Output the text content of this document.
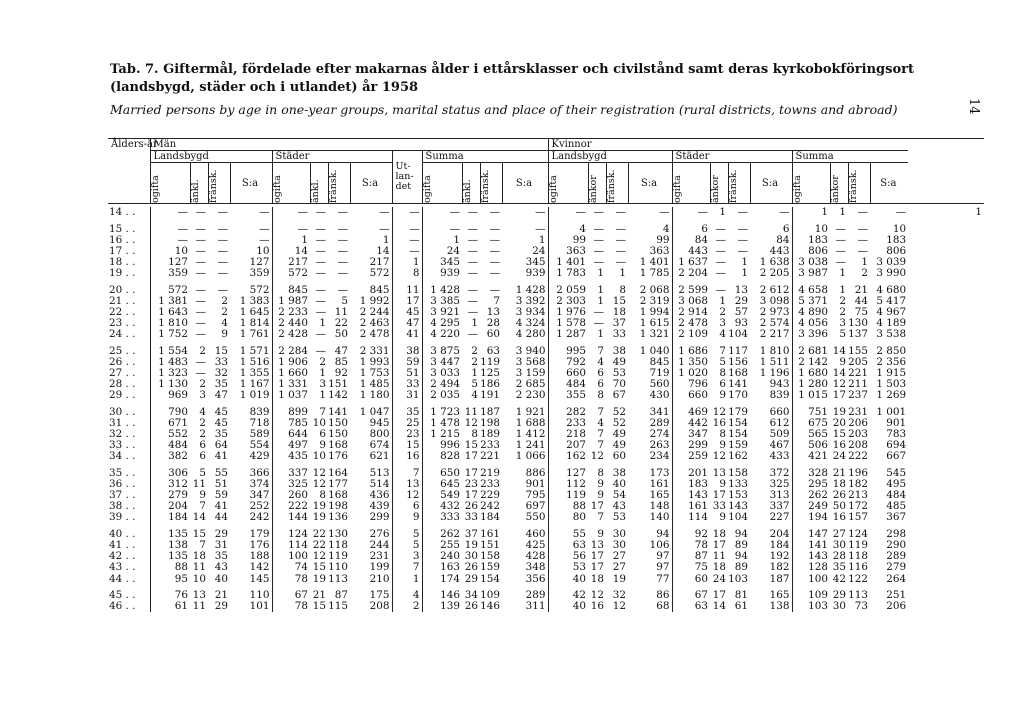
Tab. 7. Giftermål, fördelade efter makarnas ålder i ettårsklasser och civilstånd samt deras kyrkobokföringsort
(landsbygd, städer och i utlandet) år 1958
Married persons by age in one-year groups, marital status and place of their registration (rural districts, towns and abroad)	14
Ålders-år	Män													Kvinnor												
	Landsbygd				Städer				Ut-lan-det	Summa				Landsbygd				Städer				Summa				

	ogifta	änkl.	fränsk.	S:a	ogifta	änkl.	fränsk.	S:a		ogifta	änkl.	fränsk.	S:a	ogifta	änkor	fränsk.	S:a	ogifta	änkor	fränsk.	S:a	ogifta	änkor	fränsk.	S:a	

14 . .	—	—	—	—	—	—	—	—	—	—	—	—	—	—	—	—	—	—	1	—	—	1	1	—	—	1

15 . .	—	—	—	—	—	—	—	—	—	—	—	—	—	4	—	—	4	6	—	—	6	10	—	—	10	
16 . .	—	—	—	—	1	—	—	1	—	1	—	—	1	99	—	—	99	84	—	—	84	183	—	—	183	
17 . .	10	—	—	10	14	—	—	14	—	24	—	—	24	363	—	—	363	443	—	—	443	806	—	—	806	
18 . .	127	—	—	127	217	—	—	217	1	345	—	—	345	1 401	—	—	1 401	1 637	—	1	1 638	3 038	—	1	3 039	
19 . .	359	—	—	359	572	—	—	572	8	939	—	—	939	1 783	1	1	1 785	2 204	—	1	2 205	3 987	1	2	3 990	

20 . .	572	—	—	572	845	—	—	845	11	1 428	—	—	1 428	2 059	1	8	2 068	2 599	—	13	2 612	4 658	1	21	4 680	
21 . .	1 381	—	2	1 383	1 987	—	5	1 992	17	3 385	—	7	3 392	2 303	1	15	2 319	3 068	1	29	3 098	5 371	2	44	5 417	
22 . .	1 643	—	2	1 645	2 233	—	11	2 244	45	3 921	—	13	3 934	1 976	—	18	1 994	2 914	2	57	2 973	4 890	2	75	4 967	
23 . .	1 810	—	4	1 814	2 440	1	22	2 463	47	4 295	1	28	4 324	1 578	—	37	1 615	2 478	3	93	2 574	4 056	3	130	4 189	
24 . .	1 752	—	9	1 761	2 428	—	50	2 478	41	4 220	—	60	4 280	1 287	1	33	1 321	2 109	4	104	2 217	3 396	5	137	3 538	

25 . .	1 554	2	15	1 571	2 284	—	47	2 331	38	3 875	2	63	3 940	995	7	38	1 040	1 686	7	117	1 810	2 681	14	155	2 850	
26 . .	1 483	—	33	1 516	1 906	2	85	1 993	59	3 447	2	119	3 568	792	4	49	845	1 350	5	156	1 511	2 142	9	205	2 356	
27 . .	1 323	—	32	1 355	1 660	1	92	1 753	51	3 033	1	125	3 159	660	6	53	719	1 020	8	168	1 196	1 680	14	221	1 915	
28 . .	1 130	2	35	1 167	1 331	3	151	1 485	33	2 494	5	186	2 685	484	6	70	560	796	6	141	943	1 280	12	211	1 503	
29 . .	969	3	47	1 019	1 037	1	142	1 180	31	2 035	4	191	2 230	355	8	67	430	660	9	170	839	1 015	17	237	1 269	

30 . .	790	4	45	839	899	7	141	1 047	35	1 723	11	187	1 921	282	7	52	341	469	12	179	660	751	19	231	1 001	
31 . .	671	2	45	718	785	10	150	945	25	1 478	12	198	1 688	233	4	52	289	442	16	154	612	675	20	206	901	
32 . .	552	2	35	589	644	6	150	800	23	1 215	8	189	1 412	218	7	49	274	347	8	154	509	565	15	203	783	
33 . .	484	6	64	554	497	9	168	674	15	996	15	233	1 241	207	7	49	263	299	9	159	467	506	16	208	694	
34 . .	382	6	41	429	435	10	176	621	16	828	17	221	1 066	162	12	60	234	259	12	162	433	421	24	222	667	

35 . .	306	5	55	366	337	12	164	513	7	650	17	219	886	127	8	38	173	201	13	158	372	328	21	196	545	
36 . .	312	11	51	374	325	12	177	514	13	645	23	233	901	112	9	40	161	183	9	133	325	295	18	182	495	
37 . .	279	9	59	347	260	8	168	436	12	549	17	229	795	119	9	54	165	143	17	153	313	262	26	213	484	
38 . .	204	7	41	252	222	19	198	439	6	432	26	242	697	88	17	43	148	161	33	143	337	249	50	172	485	
39 . .	184	14	44	242	144	19	136	299	9	333	33	184	550	80	7	53	140	114	9	104	227	194	16	157	367	

40 . .	135	15	29	179	124	22	130	276	5	262	37	161	460	55	9	30	94	92	18	94	204	147	27	124	298	
41 . .	138	7	31	176	114	22	118	244	5	255	19	151	425	63	13	30	106	78	17	89	184	141	30	119	290	
42 . .	135	18	35	188	100	12	119	231	3	240	30	158	428	56	17	27	97	87	11	94	192	143	28	118	289	
43 . .	88	11	43	142	74	15	110	199	7	163	26	159	348	53	17	27	97	75	18	89	182	128	35	116	279	
44 . .	95	10	40	145	78	19	113	210	1	174	29	154	356	40	18	19	77	60	24	103	187	100	42	122	264	

45 . .	76	13	21	110	67	21	87	175	4	146	34	109	289	42	12	32	86	67	17	81	165	109	29	113	251	
46 . .	61	11	29	101	78	15	115	208	2	139	26	146	311	40	16	12	68	63	14	61	138	103	30	73	206	
